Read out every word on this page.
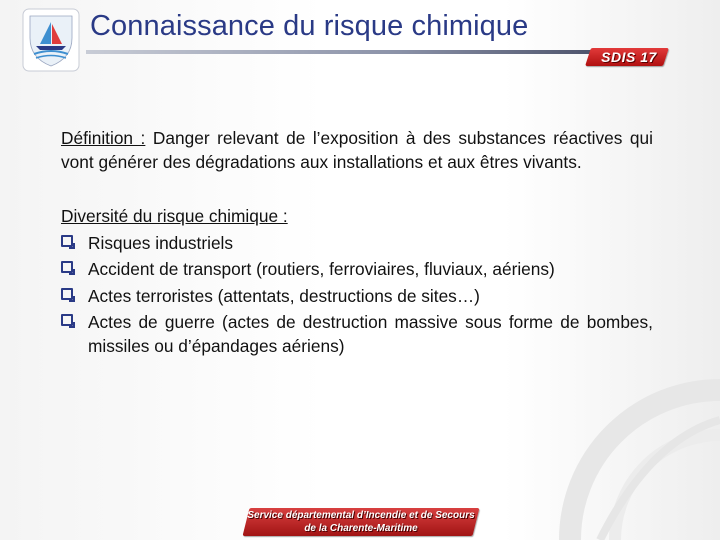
Connaissance du risque chimique
SDIS 17

Définition : Danger relevant de l’exposition à des substances réactives qui vont générer des dégradations aux installations et aux êtres vivants.

Diversité du risque chimique :

Risques industriels
Accident de transport (routiers, ferroviaires, fluviaux, aériens)
Actes terroristes (attentats, destructions de sites…)
Actes de guerre (actes de destruction massive sous forme de bombes, missiles ou d’épandages aériens)
Service départemental d’Incendie et de Secours
de la Charente-Maritime
